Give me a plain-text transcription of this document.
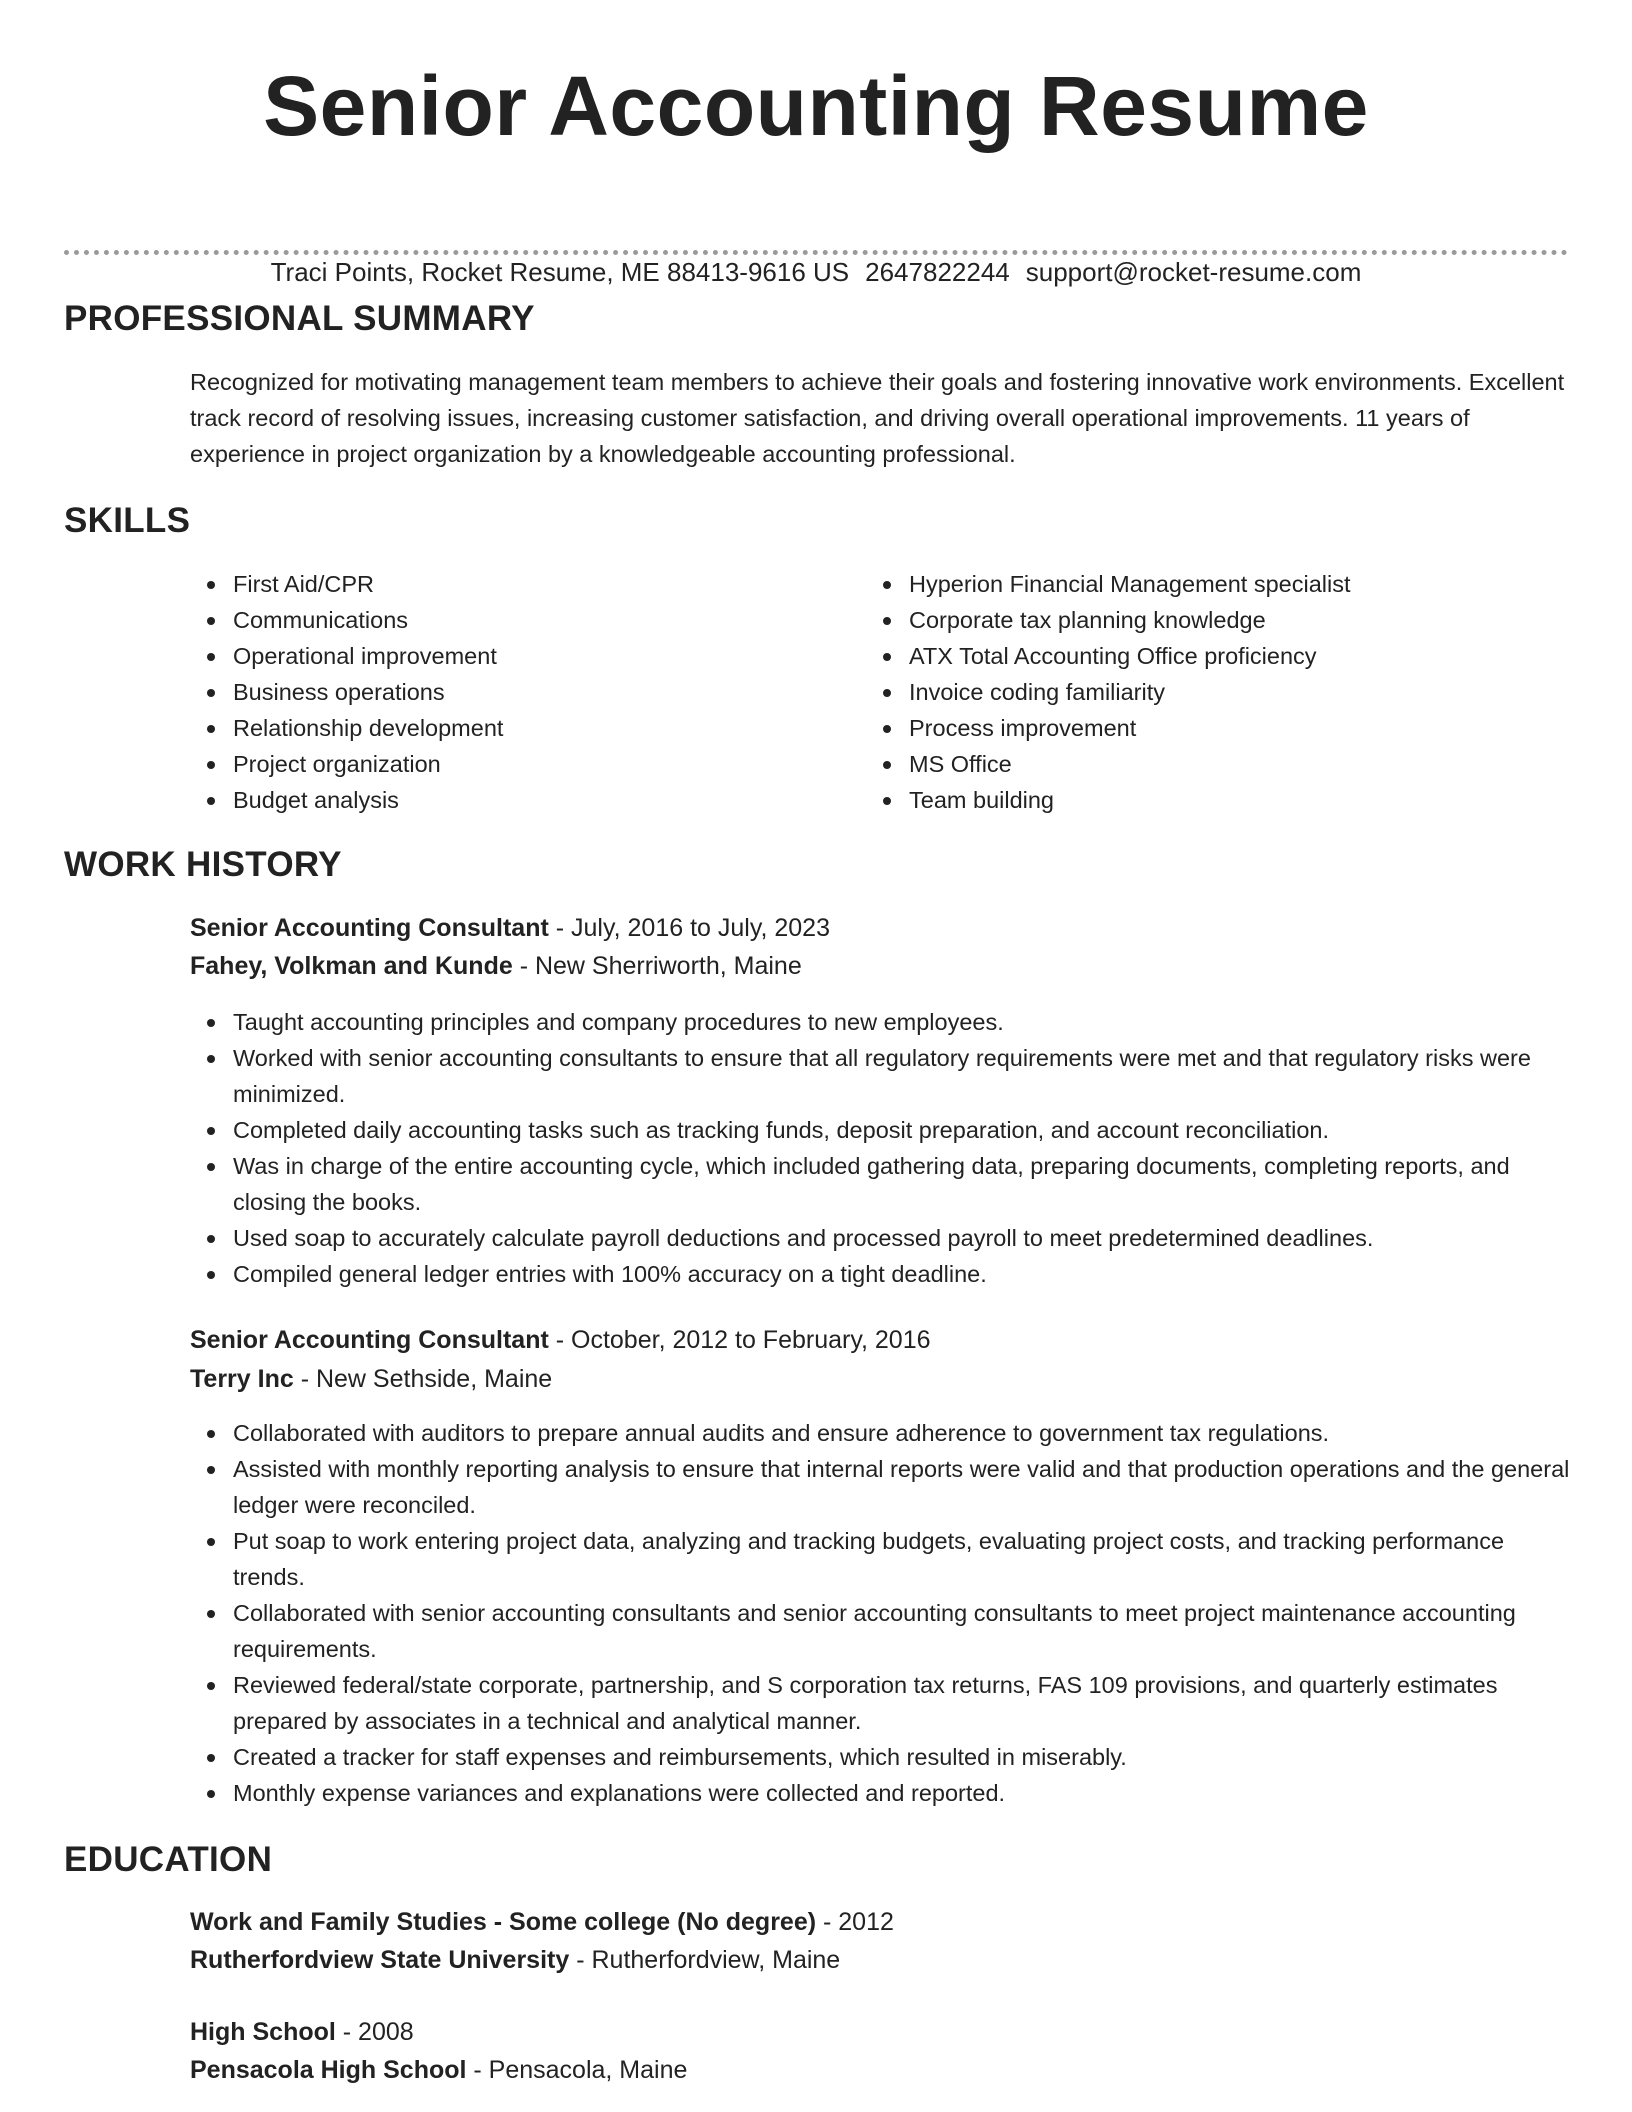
Senior Accounting Resume
Traci Points, Rocket Resume, ME 88413-9616 US 2647822244 support@rocket-resume.com
PROFESSIONAL SUMMARY

Recognized for motivating management team members to achieve their goals and fostering innovative work environments. Excellent track record of resolving issues, increasing customer satisfaction, and driving overall operational improvements. 11 years of experience in project organization by a knowledgeable accounting professional.

SKILLS
First Aid/CPR
Communications
Operational improvement
Business operations
Relationship development
Project organization
Budget analysis
Hyperion Financial Management specialist
Corporate tax planning knowledge
ATX Total Accounting Office proficiency
Invoice coding familiarity
Process improvement
MS Office
Team building
WORK HISTORY

Senior Accounting Consultant - July, 2016 to July, 2023

Fahey, Volkman and Kunde - New Sherriworth, Maine

Taught accounting principles and company procedures to new employees.
Worked with senior accounting consultants to ensure that all regulatory requirements were met and that regulatory risks were minimized.
Completed daily accounting tasks such as tracking funds, deposit preparation, and account reconciliation.
Was in charge of the entire accounting cycle, which included gathering data, preparing documents, completing reports, and closing the books.
Used soap to accurately calculate payroll deductions and processed payroll to meet predetermined deadlines.
Compiled general ledger entries with 100% accuracy on a tight deadline.

Senior Accounting Consultant - October, 2012 to February, 2016

Terry Inc - New Sethside, Maine

Collaborated with auditors to prepare annual audits and ensure adherence to government tax regulations.
Assisted with monthly reporting analysis to ensure that internal reports were valid and that production operations and the general ledger were reconciled.
Put soap to work entering project data, analyzing and tracking budgets, evaluating project costs, and tracking performance trends.
Collaborated with senior accounting consultants and senior accounting consultants to meet project maintenance accounting requirements.
Reviewed federal/state corporate, partnership, and S corporation tax returns, FAS 109 provisions, and quarterly estimates prepared by associates in a technical and analytical manner.
Created a tracker for staff expenses and reimbursements, which resulted in miserably.
Monthly expense variances and explanations were collected and reported.
EDUCATION

Work and Family Studies - Some college (No degree) - 2012

Rutherfordview State University - Rutherfordview, Maine

High School - 2008

Pensacola High School - Pensacola, Maine
